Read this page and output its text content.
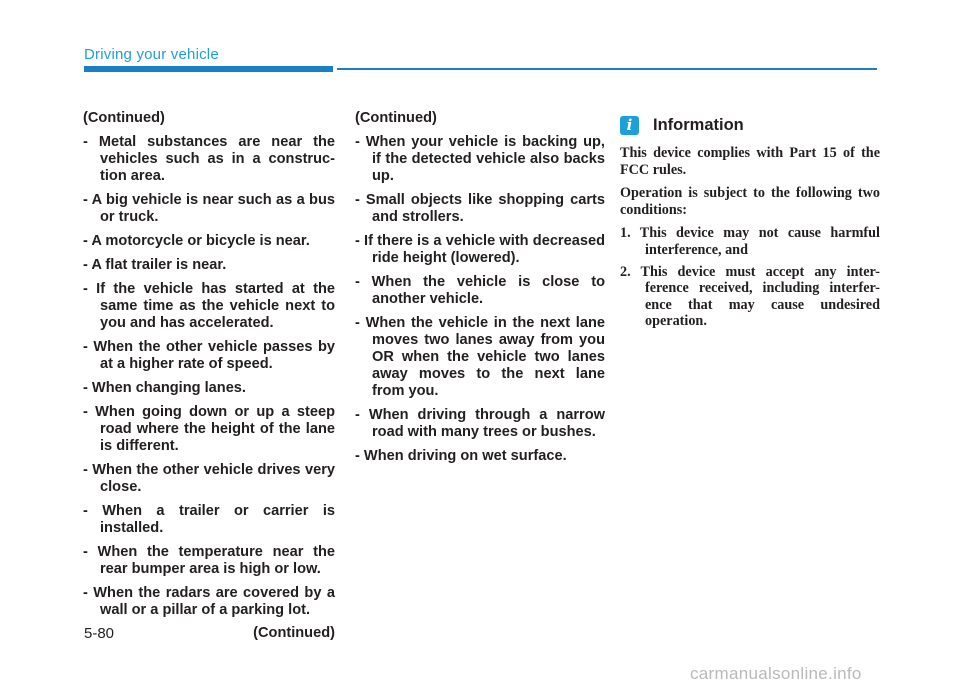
Driving your vehicle

(Continued)

- Metal substances are near the vehicles such as in a construc-tion area.

- A big vehicle is near such as a bus or truck.

- A motorcycle or bicycle is near.

- A flat trailer is near.

- If the vehicle has started at the same time as the vehicle next to you and has accelerated.

- When the other vehicle passes by at a higher rate of speed.

- When changing lanes.

- When going down or up a steep road where the height of the lane is different.

- When the other vehicle drives very close.

- When a trailer or carrier is installed.

- When the temperature near the rear bumper area is high or low.

- When the radars are covered by a wall or a pillar of a parking lot.

(Continued)

(Continued)

- When your vehicle is backing up, if the detected vehicle also backs up.

- Small objects like shopping carts and strollers.

- If there is a vehicle with decreased ride height (lowered).

- When the vehicle is close to another vehicle.

- When the vehicle in the next lane moves two lanes away from you OR when the vehicle two lanes away moves to the next lane from you.

- When driving through a narrow road with many trees or bushes.

- When driving on wet surface.

i	Information

This device complies with Part 15 of the FCC rules.

Operation is subject to the following two conditions:

1. This device may not cause harmful interference, and

2. This device must accept any inter-ference received, including interfer-ence that may cause undesired operation.

5-80
carmanualsonline.info
